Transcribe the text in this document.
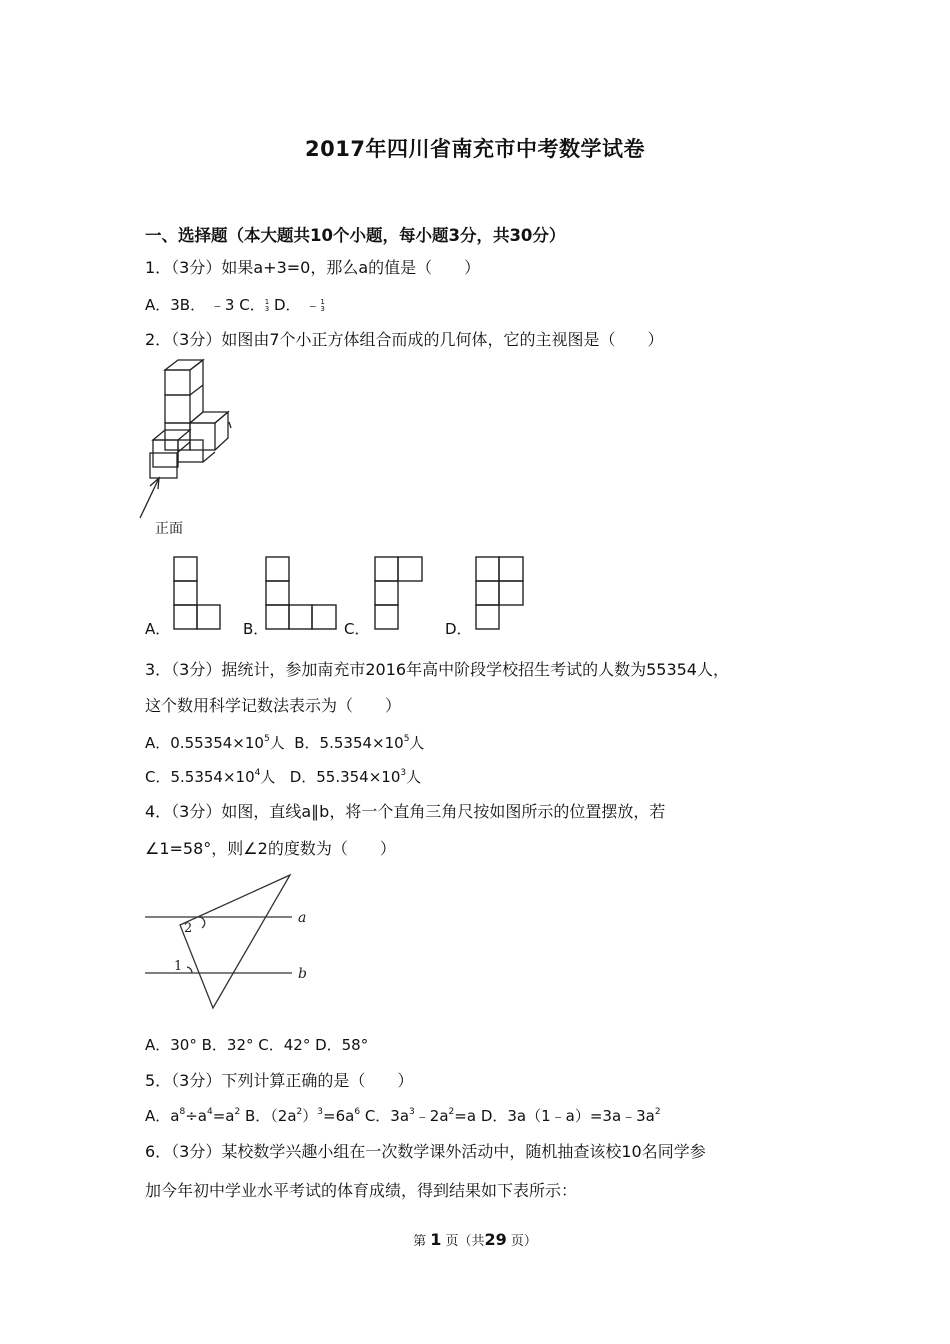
2017年四川省南充市中考数学试卷
一、选择题（本大题共10个小题，每小题3分，共30分）
1．（3分）如果a+3=0，那么a的值是（　　）
A．3B． ﹣3 C．1
3 D． ﹣1
3
2．（3分）如图由7个小正方体组合而成的几何体，它的主视图是（　　）
正面
A．	B．	C．	D．
3．（3分）据统计，参加南充市2016年高中阶段学校招生考试的人数为55354人，
这个数用科学记数法表示为（　　）
A．$0.55354\times 10^5$人 B．$5.5354\times 10^5$人
C．$5.5354\times 10^4$人 D．$55.354\times 10^3$人
4．（3分）如图，直线a∥b，将一个直角三角尺按如图所示的位置摆放，若
∠1=58°，则∠2的度数为（　　）
a
b
2
1
A．30° B．32° C．42° D．58°
5．（3分）下列计算正确的是（　　）
A．$a^8\div a^4=a^2$ B．$(2a^2)^3=6a^6$ C．$3a^3﹣2a^2=a$ D．$3a(1﹣a)=3a﹣3a^2$
6．（3分）某校数学兴趣小组在一次数学课外活动中，随机抽查该校10名同学参
加今年初中学业水平考试的体育成绩，得到结果如下表所示：
第 1 页（共29 页）
